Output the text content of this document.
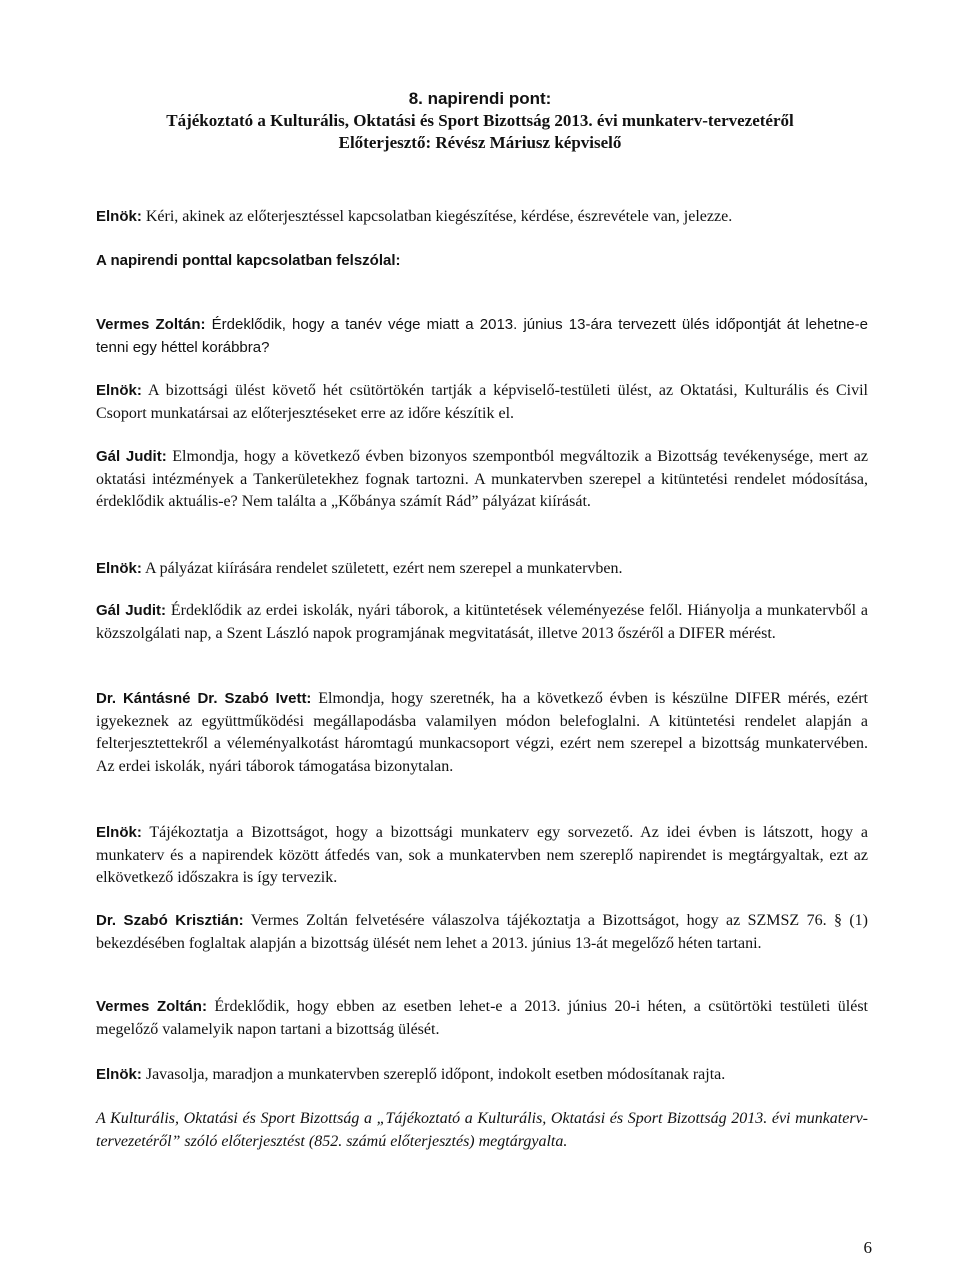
8. napirendi pont:
Tájékoztató a Kulturális, Oktatási és Sport Bizottság 2013. évi munkaterv-tervezetéről
Előterjesztő: Révész Máriusz képviselő
Elnök: Kéri, akinek az előterjesztéssel kapcsolatban kiegészítése, kérdése, észrevétele van, jelezze.
A napirendi ponttal kapcsolatban felszólal:
Vermes Zoltán: Érdeklődik, hogy a tanév vége miatt a 2013. június 13-ára tervezett ülés időpontját át lehetne-e tenni egy héttel korábbra?
Elnök: A bizottsági ülést követő hét csütörtökén tartják a képviselő-testületi ülést, az Oktatási, Kulturális és Civil Csoport munkatársai az előterjesztéseket erre az időre készítik el.
Gál Judit: Elmondja, hogy a következő évben bizonyos szempontból megváltozik a Bizottság tevékenysége, mert az oktatási intézmények a Tankerületekhez fognak tartozni. A munkatervben szerepel a kitüntetési rendelet módosítása, érdeklődik aktuális-e? Nem találta a „Kőbánya számít Rád” pályázat kiírását.
Elnök: A pályázat kiírására rendelet született, ezért nem szerepel a munkatervben.
Gál Judit: Érdeklődik az erdei iskolák, nyári táborok, a kitüntetések véleményezése felől. Hiányolja a munkatervből a közszolgálati nap, a Szent László napok programjának megvitatását, illetve 2013 őszéről a DIFER mérést.
Dr. Kántásné Dr. Szabó Ivett: Elmondja, hogy szeretnék, ha a következő évben is készülne DIFER mérés, ezért igyekeznek az együttműködési megállapodásba valamilyen módon belefoglalni. A kitüntetési rendelet alapján a felterjesztettekről a véleményalkotást háromtagú munkacsoport végzi, ezért nem szerepel a bizottság munkatervében. Az erdei iskolák, nyári táborok támogatása bizonytalan.
Elnök: Tájékoztatja a Bizottságot, hogy a bizottsági munkaterv egy sorvezető. Az idei évben is látszott, hogy a munkaterv és a napirendek között átfedés van, sok a munkatervben nem szereplő napirendet is megtárgyaltak, ezt az elkövetkező időszakra is így tervezik.
Dr. Szabó Krisztián: Vermes Zoltán felvetésére válaszolva tájékoztatja a Bizottságot, hogy az SZMSZ 76. § (1) bekezdésében foglaltak alapján a bizottság ülését nem lehet a 2013. június 13-át megelőző héten tartani.
Vermes Zoltán: Érdeklődik, hogy ebben az esetben lehet-e a 2013. június 20-i héten, a csütörtöki testületi ülést megelőző valamelyik napon tartani a bizottság ülését.
Elnök: Javasolja, maradjon a munkatervben szereplő időpont, indokolt esetben módosítanak rajta.
A Kulturális, Oktatási és Sport Bizottság a „Tájékoztató a Kulturális, Oktatási és Sport Bizottság 2013. évi munkaterv-tervezetéről” szóló előterjesztést (852. számú előterjesztés) megtárgyalta.
6
